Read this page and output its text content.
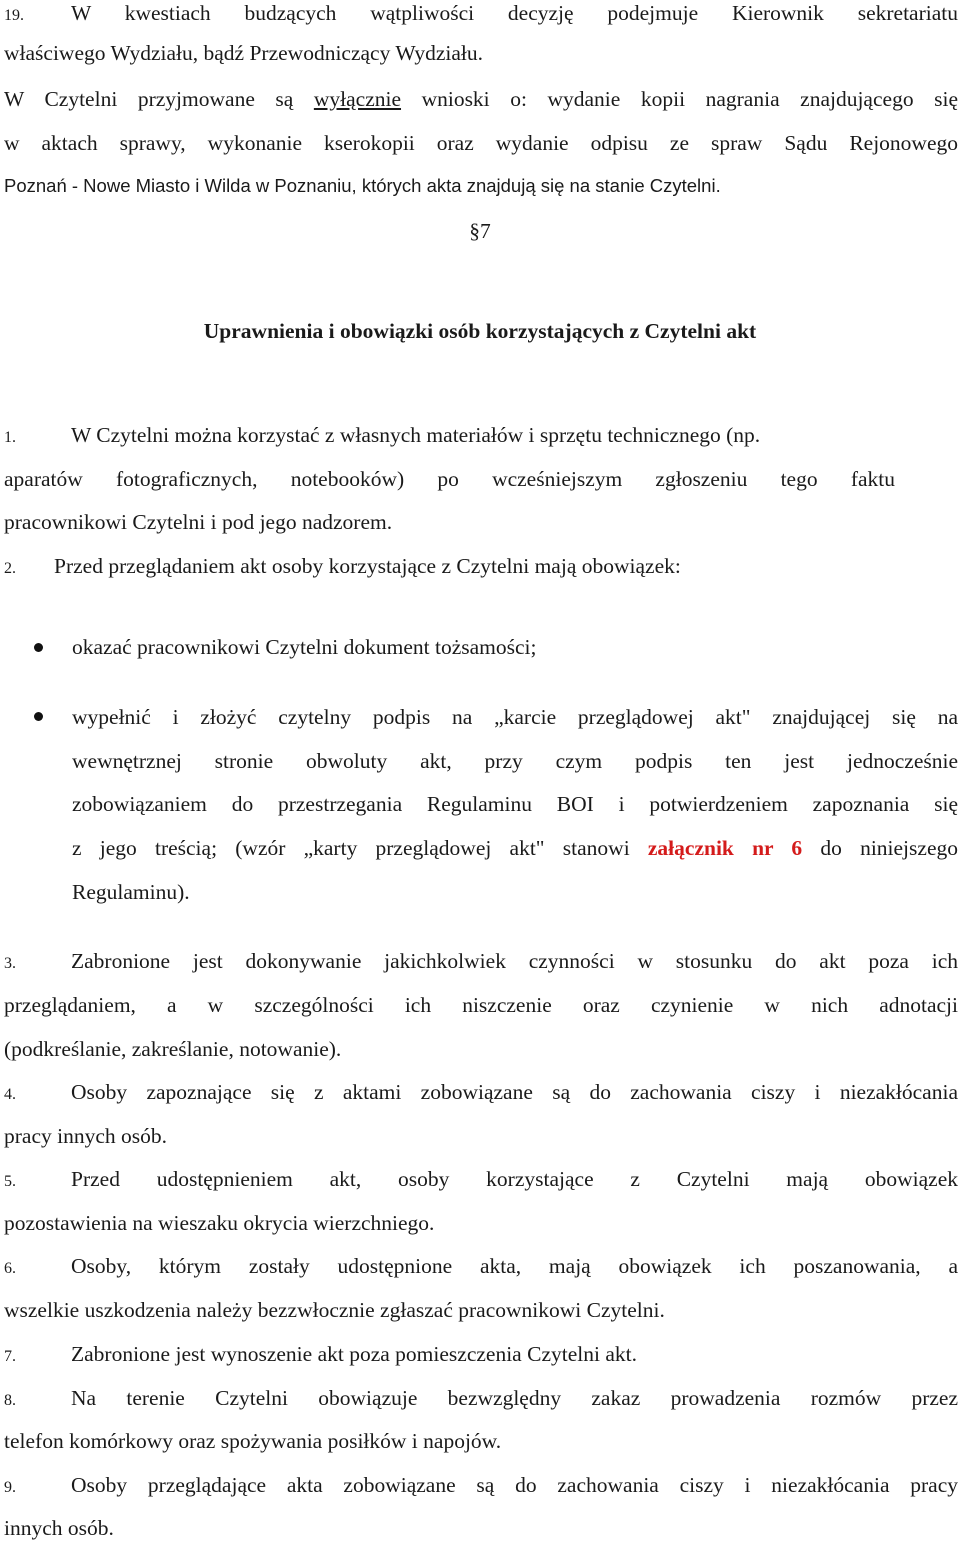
19. W kwestiach budzących wątpliwości decyzję podejmuje Kierownik sekretariatu
właściwego Wydziału, bądź Przewodniczący Wydziału.
W Czytelni przyjmowane są wyłącznie wnioski o: wydanie kopii nagrania znajdującego się
w aktach sprawy, wykonanie kserokopii oraz wydanie odpisu ze spraw Sądu Rejonowego
Poznań - Nowe Miasto i Wilda w Poznaniu, których akta znajdują się na stanie Czytelni.
§7
Uprawnienia i obowiązki osób korzystających z Czytelni akt
1.	W Czytelni można korzystać z własnych materiałów i sprzętu technicznego (np.
aparatów fotograficznych, notebooków) po wcześniejszym zgłoszeniu tego faktu
pracownikowi Czytelni i pod jego nadzorem.
2. Przed przeglądaniem akt osoby korzystające z Czytelni mają obowiązek:
okazać pracownikowi Czytelni dokument tożsamości;
wypełnić i złożyć czytelny podpis na „karcie przeglądowej akt" znajdującej się na
wewnętrznej stronie obwoluty akt, przy czym podpis ten jest jednocześnie
zobowiązaniem do przestrzegania Regulaminu BOI i potwierdzeniem zapoznania się
z jego treścią; (wzór „karty przeglądowej akt" stanowi załącznik nr 6 do niniejszego
Regulaminu).
3.	Zabronione jest dokonywanie jakichkolwiek czynności w stosunku do akt poza ich
przeglądaniem, a w szczególności ich niszczenie oraz czynienie w nich adnotacji
(podkreślanie, zakreślanie, notowanie).
4.	Osoby zapoznające się z aktami zobowiązane są do zachowania ciszy i niezakłócania
pracy innych osób.
5.	Przed udostępnieniem akt, osoby korzystające z Czytelni mają obowiązek
pozostawienia na wieszaku okrycia wierzchniego.
6.	Osoby, którym zostały udostępnione akta, mają obowiązek ich poszanowania, a
wszelkie uszkodzenia należy bezzwłocznie zgłaszać pracownikowi Czytelni.
7.	Zabronione jest wynoszenie akt poza pomieszczenia Czytelni akt.
8.	Na terenie Czytelni obowiązuje bezwzględny zakaz prowadzenia rozmów przez
telefon komórkowy oraz spożywania posiłków i napojów.
9.	Osoby przeglądające akta zobowiązane są do zachowania ciszy i niezakłócania pracy
innych osób.
